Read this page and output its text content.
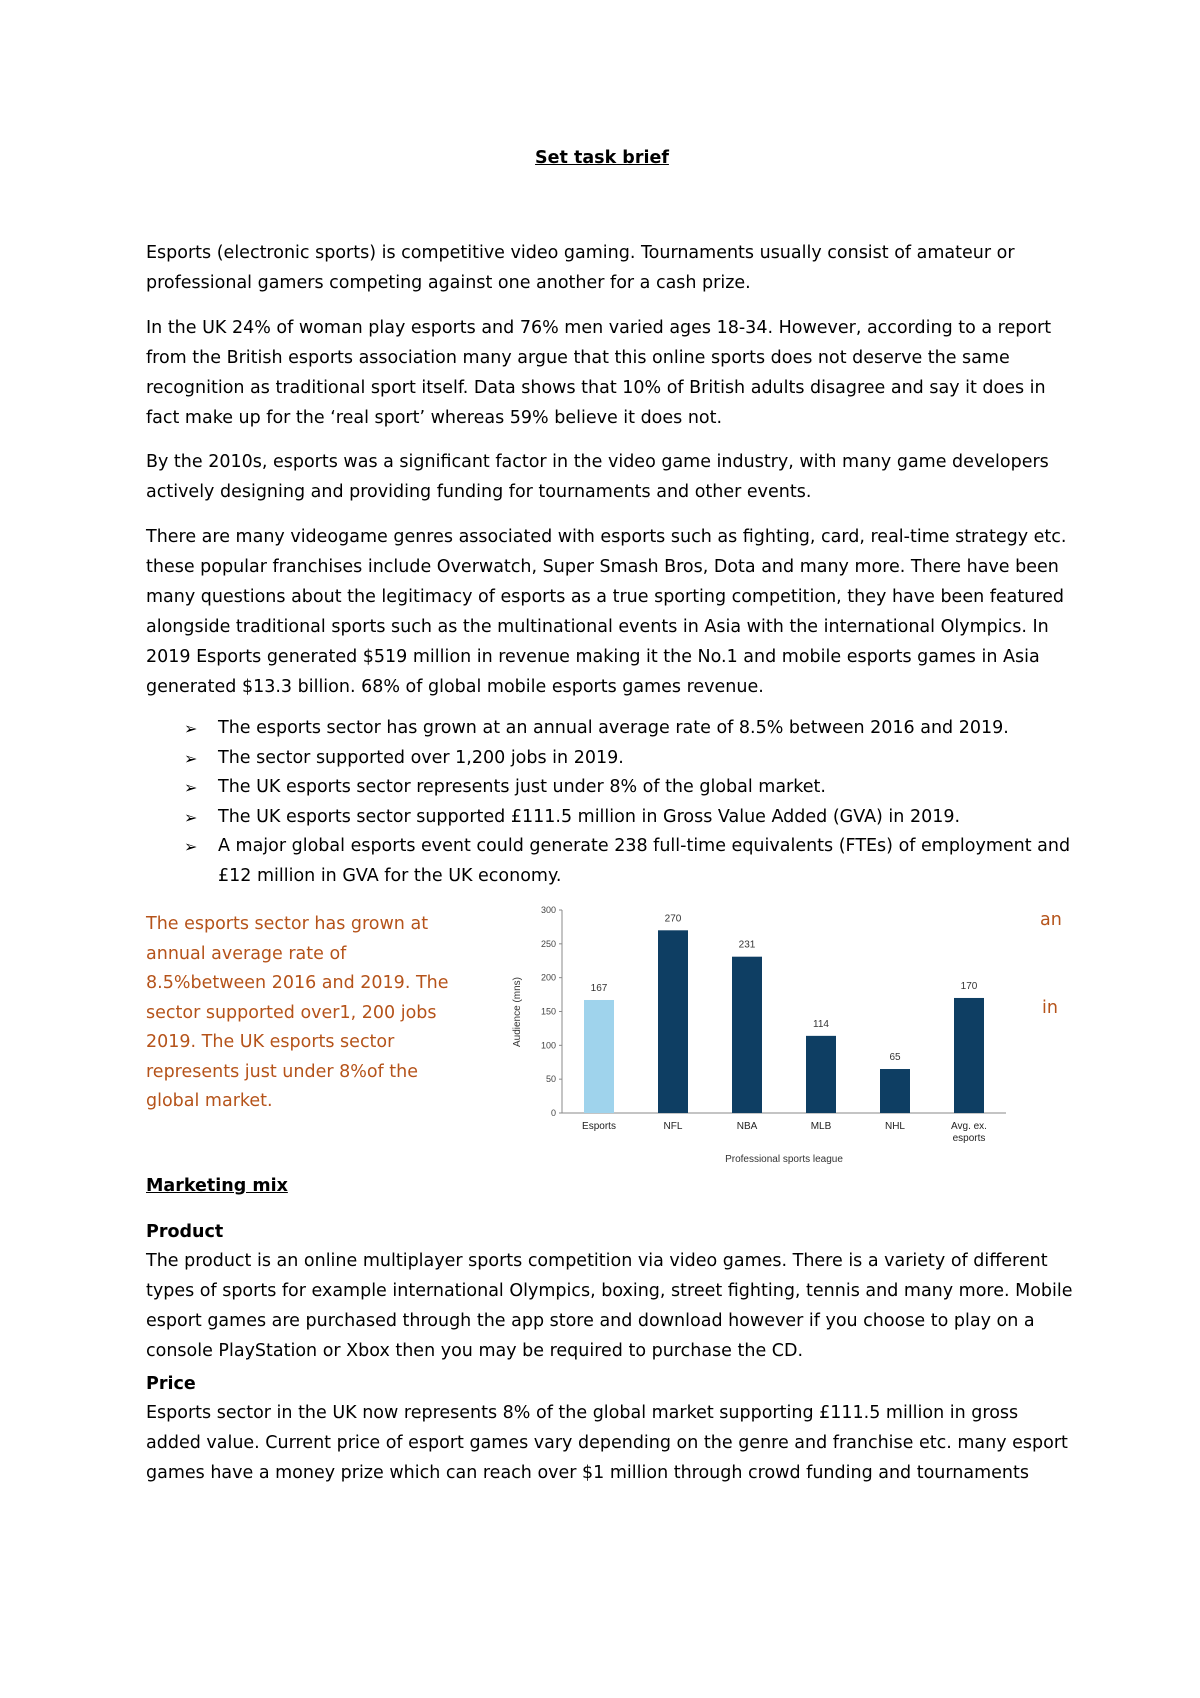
Set task brief

Esports (electronic sports) is competitive video gaming. Tournaments usually consist of amateur or professional gamers competing against one another for a cash prize.

In the UK 24% of woman play esports and 76% men varied ages 18-34. However, according to a report from the British esports association many argue that this online sports does not deserve the same recognition as traditional sport itself. Data shows that 10% of British adults disagree and say it does in fact make up for the ‘real sport’ whereas 59% believe it does not.

By the 2010s, esports was a significant factor in the video game industry, with many game developers actively designing and providing funding for tournaments and other events.

There are many videogame genres associated with esports such as fighting, card, real-time strategy etc. these popular franchises include Overwatch, Super Smash Bros, Dota and many more. There have been many questions about the legitimacy of esports as a true sporting competition, they have been featured alongside traditional sports such as the multinational events in Asia with the international Olympics. In 2019 Esports generated $519 million in revenue making it the No.1 and mobile esports games in Asia generated $13.3 billion. 68% of global mobile esports games revenue.

➢ The esports sector has grown at an annual average rate of 8.5% between 2016 and 2019.
➢ The sector supported over 1,200 jobs in 2019.
➢ The UK esports sector represents just under 8% of the global market.
➢ The UK esports sector supported £111.5 million in Gross Value Added (GVA) in 2019.
➢ A major global esports event could generate 238 full-time equivalents (FTEs) of employment and £12 million in GVA for the UK economy.

The esports sector has grown at annual average rate of 8.5%between 2016 and 2019. The sector supported over1, 200 jobs 2019. The UK esports sector represents just under 8%of the global market.

an
in
Audience (mns)
Professional sports league
0
50
100
150
200
250
300
167
Esports
270
NFL
231
NBA
114
MLB
65
NHL
170
Avg. ex. esports
Marketing mix
Product

The product is an online multiplayer sports competition via video games. There is a variety of different types of sports for example international Olympics, boxing, street fighting, tennis and many more. Mobile esport games are purchased through the app store and download however if you choose to play on a console PlayStation or Xbox then you may be required to purchase the CD.

Price

Esports sector in the UK now represents 8% of the global market supporting £111.5 million in gross added value. Current price of esport games vary depending on the genre and franchise etc. many esport games have a money prize which can reach over $1 million through crowd funding and tournaments
